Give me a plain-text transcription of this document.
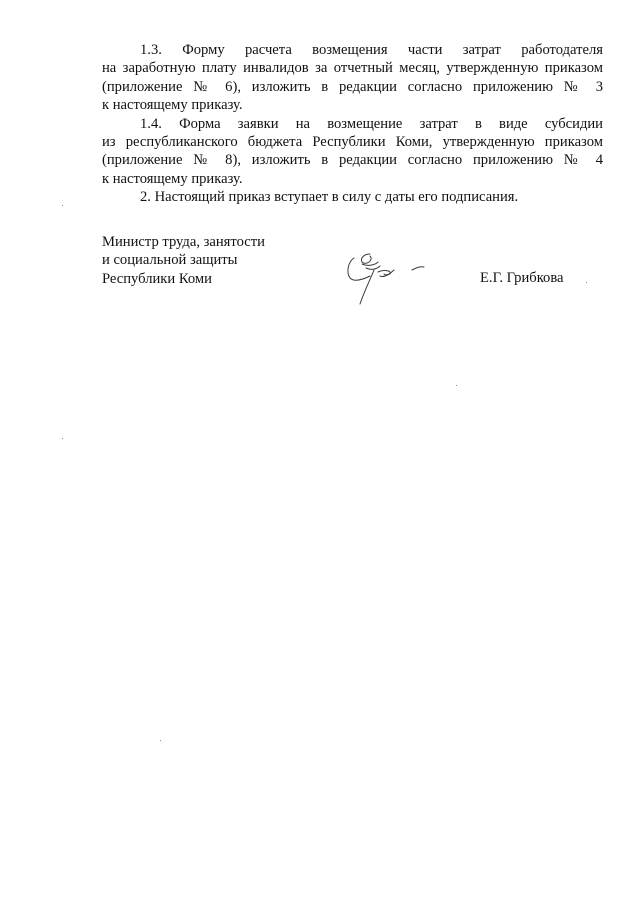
1.3. Форму расчета возмещения части затрат работодателя
на заработную плату инвалидов за отчетный месяц, утвержденную приказом
(приложение № 6), изложить в редакции согласно приложению № 3
к настоящему приказу.

1.4. Форма заявки на возмещение затрат в виде субсидии
из республиканского бюджета Республики Коми, утвержденную приказом
(приложение № 8), изложить в редакции согласно приложению № 4
к настоящему приказу.

2. Настоящий приказ вступает в силу с даты его подписания.

Министр труда, занятости
и социальной защиты
Республики Коми	Е.Г. Грибкова
